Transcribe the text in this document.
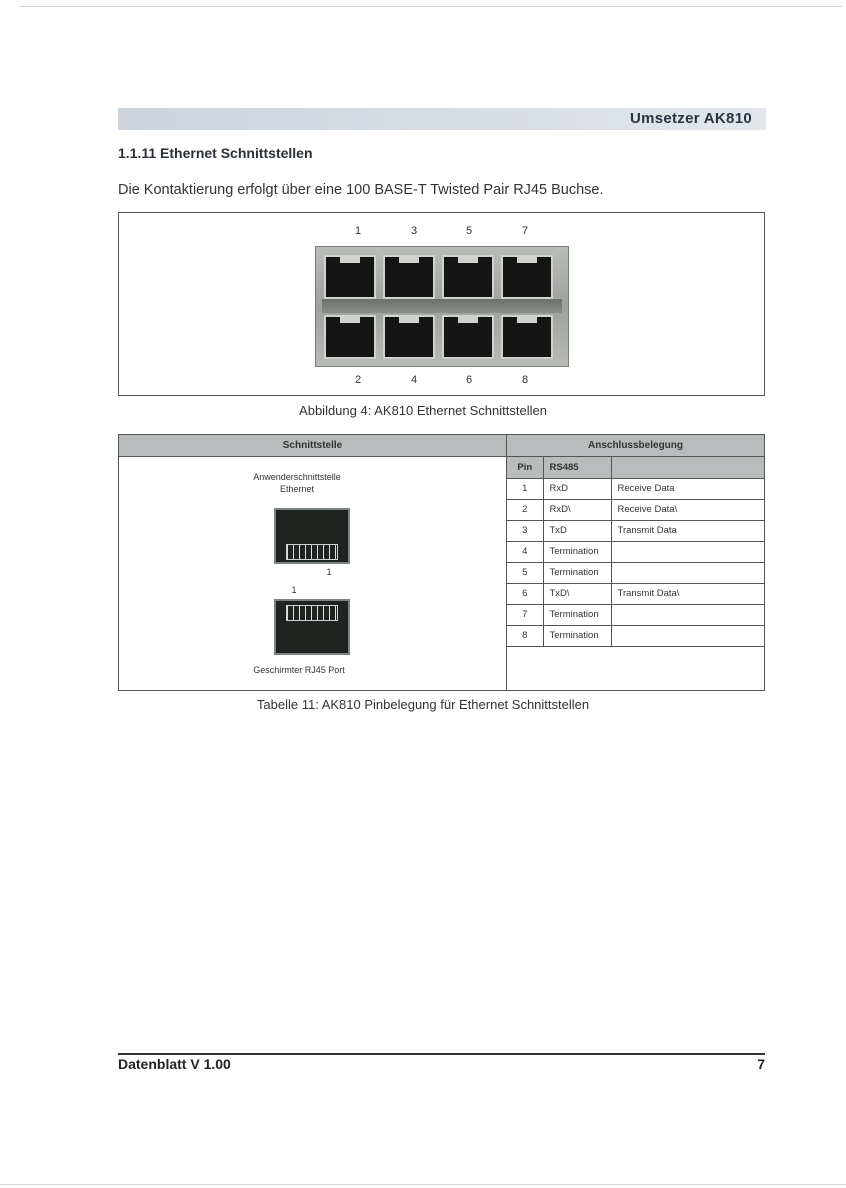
Umsetzer AK810
1.1.11 Ethernet Schnittstellen
Die Kontaktierung erfolgt über eine 100 BASE-T Twisted Pair RJ45 Buchse.
1	3	5	7
2	4	6	8
Abbildung 4: AK810 Ethernet Schnittstellen
Schnittstelle	Anschlussbelegung
Anwenderschnittstelle
Ethernet
1
1
Geschirmter RJ45 Port
Pin	RS485	
1	RxD	Receive Data
2	RxD\	Receive Data\
3	TxD	Transmit Data
4	Termination	
5	Termination	
6	TxD\	Transmit Data\
7	Termination	
8	Termination	
Tabelle 11: AK810 Pinbelegung für Ethernet Schnittstellen
Datenblatt V 1.00	7
